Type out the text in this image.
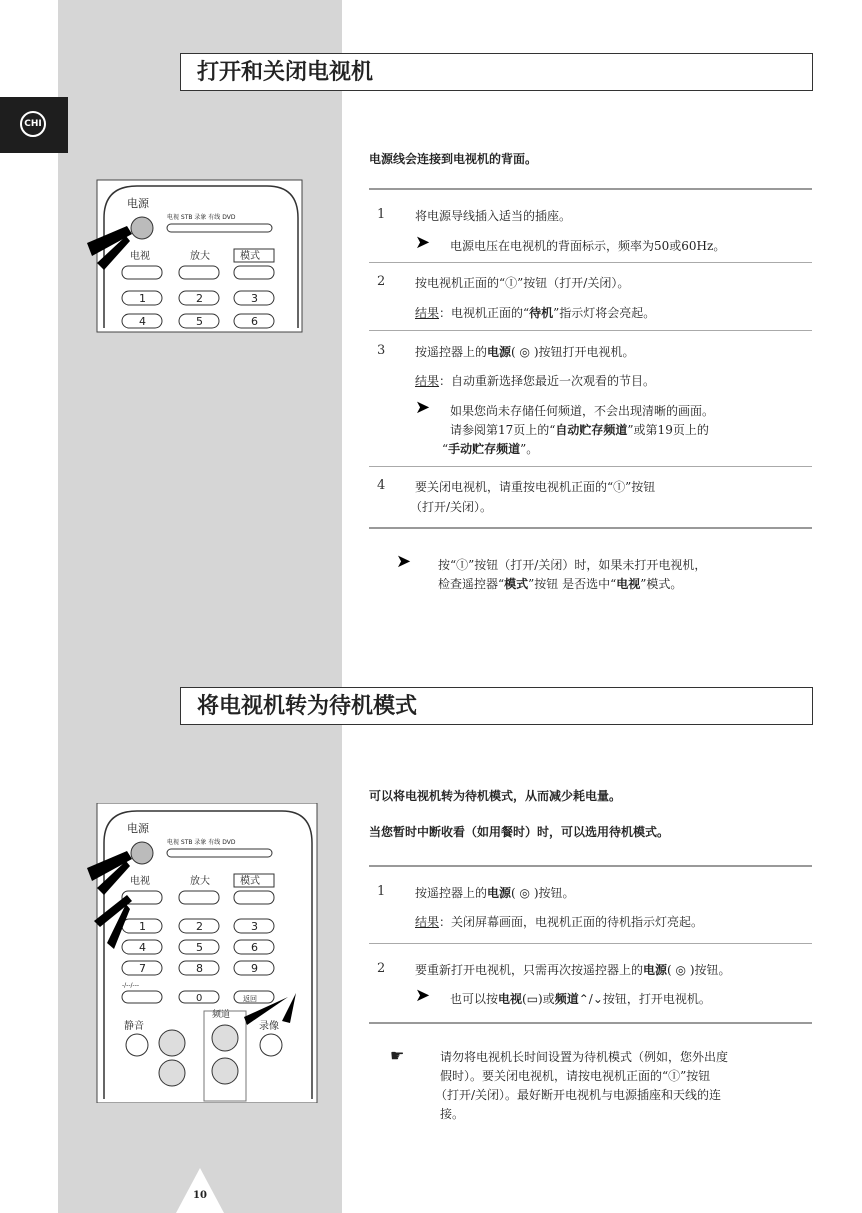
CHI
打开和关闭电视机
电源
电视 STB 录象 有线 DVD
电视	放大	模式
1	2	3
4	5	6
电源线会连接到电视机的背面。
1 将电源导线插入适当的插座。
➤ 电源电压在电视机的背面标示，频率为50或60Hz。
2 按电视机正面的“Ⓘ”按钮（打开/关闭）。
结果：电视机正面的“待机”指示灯将会亮起。
3 按遥控器上的电源( ◎ )按钮打开电视机。
结果：自动重新选择您最近一次观看的节目。
➤ 如果您尚未存储任何频道，不会出现清晰的画面。
请参阅第17页上的“自动贮存频道”或第19页上的
“手动贮存频道”。
4 要关闭电视机，请重按电视机正面的“Ⓘ”按钮
（打开/关闭）。
➤ 按“Ⓘ”按钮（打开/关闭）时，如果未打开电视机，
检查遥控器“模式”按钮 是否选中“电视”模式。
将电视机转为待机模式
电源
电视 STB 录象 有线 DVD
电视	放大	模式
1	2	3
4	5	6
7	8	9
-/--/---
0	返回
频道
静音	录像
可以将电视机转为待机模式，从而减少耗电量。
当您暂时中断收看（如用餐时）时，可以选用待机模式。
1 按遥控器上的电源( ◎ )按钮。
结果：关闭屏幕画面，电视机正面的待机指示灯亮起。
2 要重新打开电视机，只需再次按遥控器上的电源( ◎ )按钮。
➤ 也可以按电视(▭)或频道⌃/⌄按钮，打开电视机。
☛	请勿将电视机长时间设置为待机模式（例如，您外出度
假时）。要关闭电视机，请按电视机正面的“Ⓘ”按钮
（打开/关闭）。最好断开电视机与电源插座和天线的连
接。
10
